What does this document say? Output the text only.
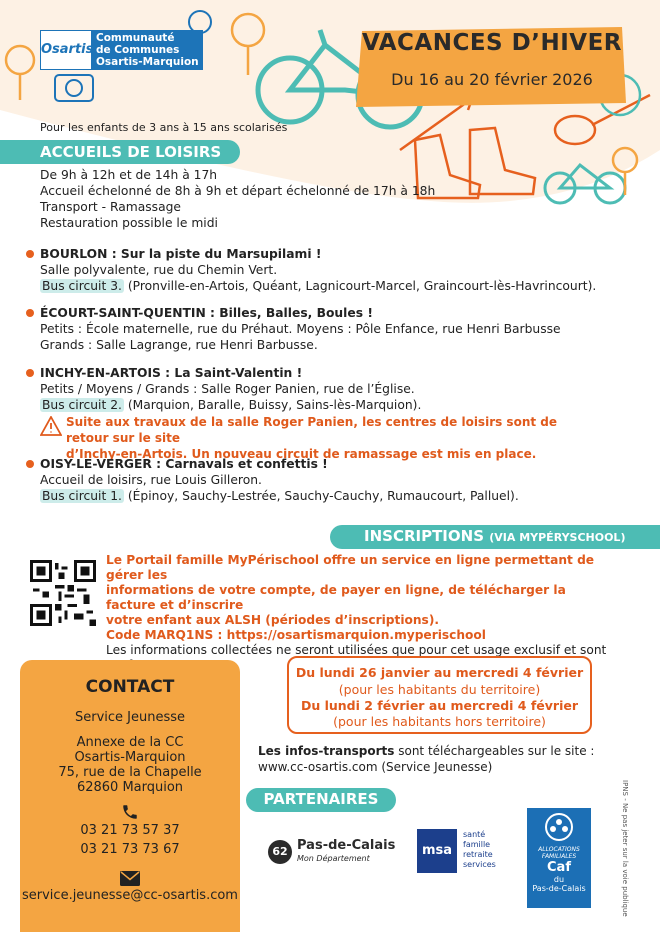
Osartis
Communauté
de Communes
Osartis-Marquion
VACANCES D’HIVER
Du 16 au 20 février 2026
Pour les enfants de 3 ans à 15 ans scolarisés
ACCUEILS DE LOISIRS
De 9h à 12h et de 14h à 17h
Accueil échelonné de 8h à 9h et départ échelonné de 17h à 18h
Transport - Ramassage
Restauration possible le midi
BOURLON : Sur la piste du Marsupilami !
Salle polyvalente, rue du Chemin Vert.
Bus circuit 3. (Pronville-en-Artois, Quéant, Lagnicourt-Marcel, Graincourt-lès-Havrincourt).
ÉCOURT-SAINT-QUENTIN : Billes, Balles, Boules !
Petits : École maternelle, rue du Préhaut. Moyens : Pôle Enfance, rue Henri Barbusse
Grands : Salle Lagrange, rue Henri Barbusse.
INCHY-EN-ARTOIS : La Saint-Valentin !
Petits / Moyens / Grands : Salle Roger Panien, rue de l’Église.
Bus circuit 2. (Marquion, Baralle, Buissy, Sains-lès-Marquion).
Suite aux travaux de la salle Roger Panien, les centres de loisirs sont de retour sur le site
d’Inchy-en-Artois. Un nouveau circuit de ramassage est mis en place.
OISY-LE-VERGER : Carnavals et confettis !
Accueil de loisirs, rue Louis Gilleron.
Bus circuit 1. (Épinoy, Sauchy-Lestrée, Sauchy-Cauchy, Rumaucourt, Palluel).
INSCRIPTIONS (VIA MYPÉRYSCHOOL)
Le Portail famille MyPérischool offre un service en ligne permettant de gérer les
informations de votre compte, de payer en ligne, de télécharger la facture et d’inscrire
votre enfant aux ALSH (périodes d’inscriptions).
Code MARQ1NS : https://osartismarquion.myperischool
Les informations collectées ne seront utilisées que pour cet usage exclusif et sont
CONTACT
Service Jeunesse
Annexe de la CC
Osartis-Marquion
75, rue de la Chapelle
62860 Marquion
03 21 73 57 37
03 21 73 73 67
service.jeunesse@cc-osartis.com
Du lundi 26 janvier au mercredi 4 février
(pour les habitants du territoire)
Du lundi 2 février au mercredi 4 février
(pour les habitants hors territoire)
Les infos-transports sont téléchargeables sur le site :
www.cc-osartis.com (Service Jeunesse)
PARTENAIRES
62 Pas-de-Calais
Mon Département
msa
santé
famille
retraite
services
ALLOCATIONS
FAMILIALES
Caf
du
Pas-de-Calais	IPNS - Ne pas jeter sur la voie publique
